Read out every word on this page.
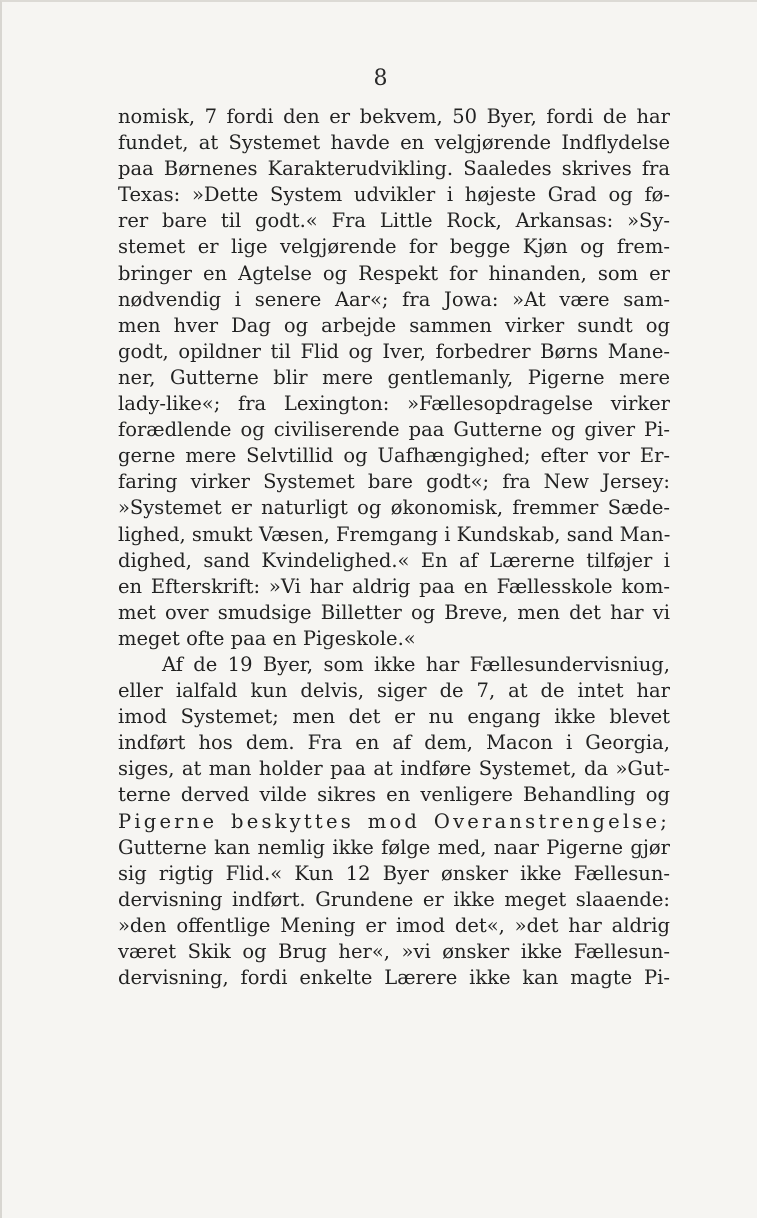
8
nomisk, 7 fordi den er bekvem, 50 Byer, fordi de har
fundet, at Systemet havde en velgjørende Indflydelse
paa Børnenes Karakterudvikling. Saaledes skrives fra
Texas: »Dette System udvikler i højeste Grad og fø-
rer bare til godt.« Fra Little Rock, Arkansas: »Sy-
stemet er lige velgjørende for begge Kjøn og frem-
bringer en Agtelse og Respekt for hinanden, som er
nødvendig i senere Aar«; fra Jowa: »At være sam-
men hver Dag og arbejde sammen virker sundt og
godt, opildner til Flid og Iver, forbedrer Børns Mane-
ner, Gutterne blir mere gentlemanly, Pigerne mere
lady-like«; fra Lexington: »Fællesopdragelse virker
forædlende og civiliserende paa Gutterne og giver Pi-
gerne mere Selvtillid og Uafhængighed; efter vor Er-
faring virker Systemet bare godt«; fra New Jersey:
»Systemet er naturligt og økonomisk, fremmer Sæde-
lighed, smukt Væsen, Fremgang i Kundskab, sand Man-
dighed, sand Kvindelighed.« En af Lærerne tilføjer i
en Efterskrift: »Vi har aldrig paa en Fællesskole kom-
met over smudsige Billetter og Breve, men det har vi
meget ofte paa en Pigeskole.«
Af de 19 Byer, som ikke har Fællesundervisniug,
eller ialfald kun delvis, siger de 7, at de intet har
imod Systemet; men det er nu engang ikke blevet
indført hos dem. Fra en af dem, Macon i Georgia,
siges, at man holder paa at indføre Systemet, da »Gut-
terne derved vilde sikres en venligere Behandling og
Pigerne beskyttes mod Overanstrengelse;
Gutterne kan nemlig ikke følge med, naar Pigerne gjør
sig rigtig Flid.« Kun 12 Byer ønsker ikke Fællesun-
dervisning indført. Grundene er ikke meget slaaende:
»den offentlige Mening er imod det«, »det har aldrig
været Skik og Brug her«, »vi ønsker ikke Fællesun-
dervisning, fordi enkelte Lærere ikke kan magte Pi-
